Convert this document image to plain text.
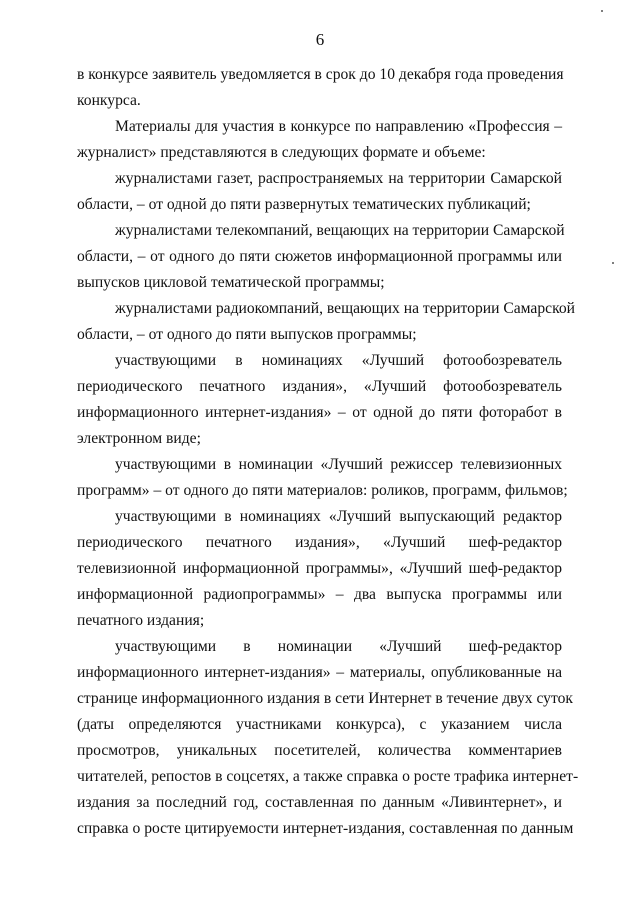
6
в конкурсе заявитель уведомляется в срок до 10 декабря года проведения
конкурса.
Материалы для участия в конкурсе по направлению «Профессия –
журналист» представляются в следующих формате и объеме:
журналистами газет, распространяемых на территории Самарской
области, – от одной до пяти развернутых тематических публикаций;
журналистами телекомпаний, вещающих на территории Самарской
области, – от одного до пяти сюжетов информационной программы или
выпусков цикловой тематической программы;
журналистами радиокомпаний, вещающих на территории Самарской
области, – от одного до пяти выпусков программы;
участвующими в номинациях «Лучший фотообозреватель
периодического печатного издания», «Лучший фотообозреватель
информационного интернет-издания» – от одной до пяти фоторабот в
электронном виде;
участвующими в номинации «Лучший режиссер телевизионных
программ» – от одного до пяти материалов: роликов, программ, фильмов;
участвующими в номинациях «Лучший выпускающий редактор
периодического печатного издания», «Лучший шеф-редактор
телевизионной информационной программы», «Лучший шеф-редактор
информационной радиопрограммы» – два выпуска программы или
печатного издания;
участвующими в номинации «Лучший шеф-редактор
информационного интернет-издания» – материалы, опубликованные на
странице информационного издания в сети Интернет в течение двух суток
(даты определяются участниками конкурса), с указанием числа
просмотров, уникальных посетителей, количества комментариев
читателей, репостов в соцсетях, а также справка о росте трафика интернет-
издания за последний год, составленная по данным «Ливинтернет», и
справка о росте цитируемости интернет-издания, составленная по данным
